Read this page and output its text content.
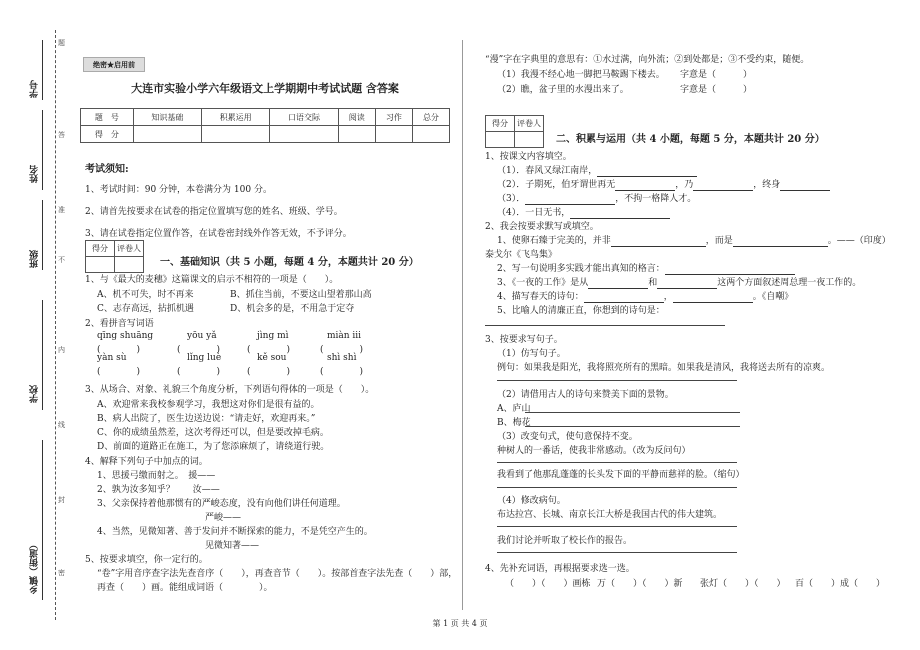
学号
姓名
班级
学校
乡镇（街道）
题
答
准
不
内
线
封
密
绝密★启用前
大连市实验小学六年级语文上学期期中考试试题 含答案
题　号	知识基础	积累运用	口语交际	阅读	习作	总分
得　分						
考试须知:
1、考试时间：90 分钟，本卷满分为 100 分。
2、请首先按要求在试卷的指定位置填写您的姓名、班级、学号。
3、请在试卷指定位置作答，在试卷密封线外作答无效，不予评分。
得分	评卷人

一、基础知识（共 5 小题，每题 4 分，本题共计 20 分）
1、与《最大的麦穗》这篇课文的启示不相符的一项是（　　）。
A、机不可失，时不再来	B、抓住当前，不要这山望着那山高
C、志存高远，拈抓机遇	D、机会多的是，不用急于定夺
2、看拼音写词语
qīng shuāng	yōu yǎ	jìng mì	miàn ⅲ
(　　　　)	(　　　　)	(　　　　)	(　　　　)
yàn sù	lǐng luè	kě sou	shì shì
(　　　　)	(　　　　)	(　　　　)	(　　　　)
3、从场合、对象、礼貌三个角度分析，下列语句得体的一项是（　　）。
A、欢迎常来我校参观学习，我想这对你们是很有益的。
B、病人出院了，医生边送边说：“请走好，欢迎再来。”
C、你的成绩虽然差，这次考得还可以，但是要改掉毛病。
D、前面的道路正在施工，为了您添麻烦了，请绕道行驶。
4、解释下列句子中加点的词。
1、思援弓缴而射之。　援——
2、孰为汝多知乎？　　汝——
3、父亲保持着他那惯有的严峻态度，没有向他们讲任何道理。
严峻——
4、当然，见微知著、善于发问并不断探索的能力，不是凭空产生的。
见微知著——
5、按要求填空，你一定行的。
“卷”字用音序查字法先查音序（　　），再查音节（　　）。按部首查字法先查（　　）部，
再查（　　）画。能组成词语（　　　　）。
“漫”字在字典里的意思有：①水过满，向外流；②到处都是；③不受约束，随便。
（1）我漫不经心地一脚把马鞍踢下楼去。 字意是（　　　）
（2）瞧，盆子里的水漫出来了。	字意是（　　　）
得分	评卷人

二、积累与运用（共 4 小题，每题 5 分，本题共计 20 分）
1、按课文内容填空。
（1）．春风又绿江南岸，
（2）．子期死，伯牙谓世再无	，乃	，终身
（3）．	，不拘一格降人才。
（4）．一日无书，
2、我会按要求默写或填空。
1、使卵石臻于完美的，并非	，而是	。——（印度）
泰戈尔《飞鸟集》
2、写一句说明多实践才能出真知的格言：
3、《一夜的工作》是从	和	这两个方面叙述周总理一夜工作的。
4、描写春天的诗句：	，	。《自嘲》
5、比喻人的清廉正直，你想到的诗句是：
3、按要求写句子。
（1）仿写句子。
例句：如果我是阳光，我将照亮所有的黑暗。如果我是清风，我将送去所有的凉爽。
（2）请借用古人的诗句来赞美下面的景物。
A、庐山
B、梅花
（3）改变句式，使句意保持不变。
种树人的一番话，使我非常感动。（改为反问句）
我看到了他那乱蓬蓬的长头发下面的平静而慈祥的脸。（缩句）
（4）修改病句。
布达拉宫、长城、南京长江大桥是我国古代的伟大建筑。
我们讨论并听取了校长作的报告。
4、先补充词语，再根据要求选一选。
（　　）（　　）画栋 万（　　）（　　）新 张灯（　　）（　　） 百（　　）成（　　）
第 1 页 共 4 页
